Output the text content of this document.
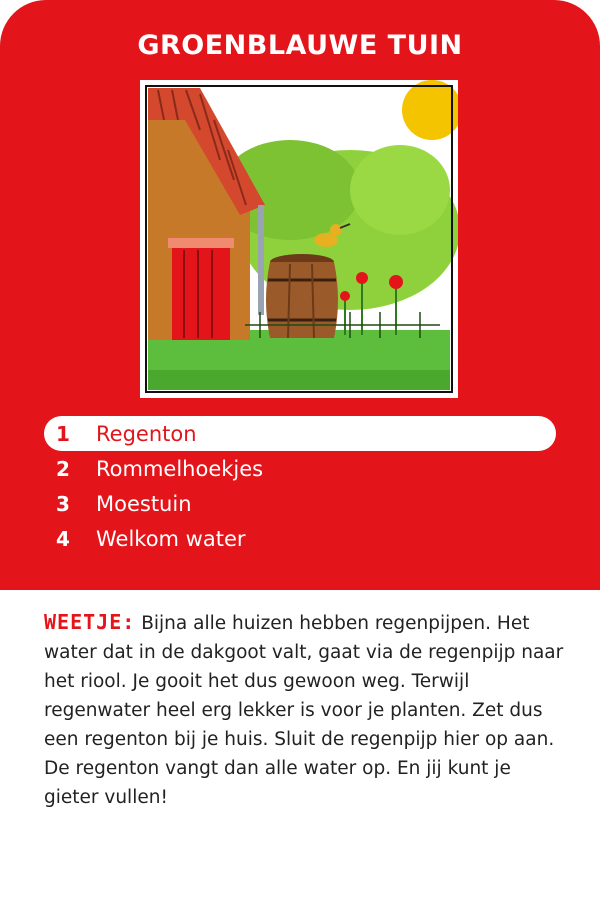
GROENBLAUWE TUIN
1	Regenton
2	Rommelhoekjes
3	Moestuin
4	Welkom water
WEETJE: Bijna alle huizen hebben regenpijpen. Het water dat in de dakgoot valt, gaat via de regenpijp naar het riool. Je gooit het dus gewoon weg. Terwijl regenwater heel erg lekker is voor je planten. Zet dus een regenton bij je huis. Sluit de regenpijp hier op aan. De regenton vangt dan alle water op. En jij kunt je gieter vullen!
